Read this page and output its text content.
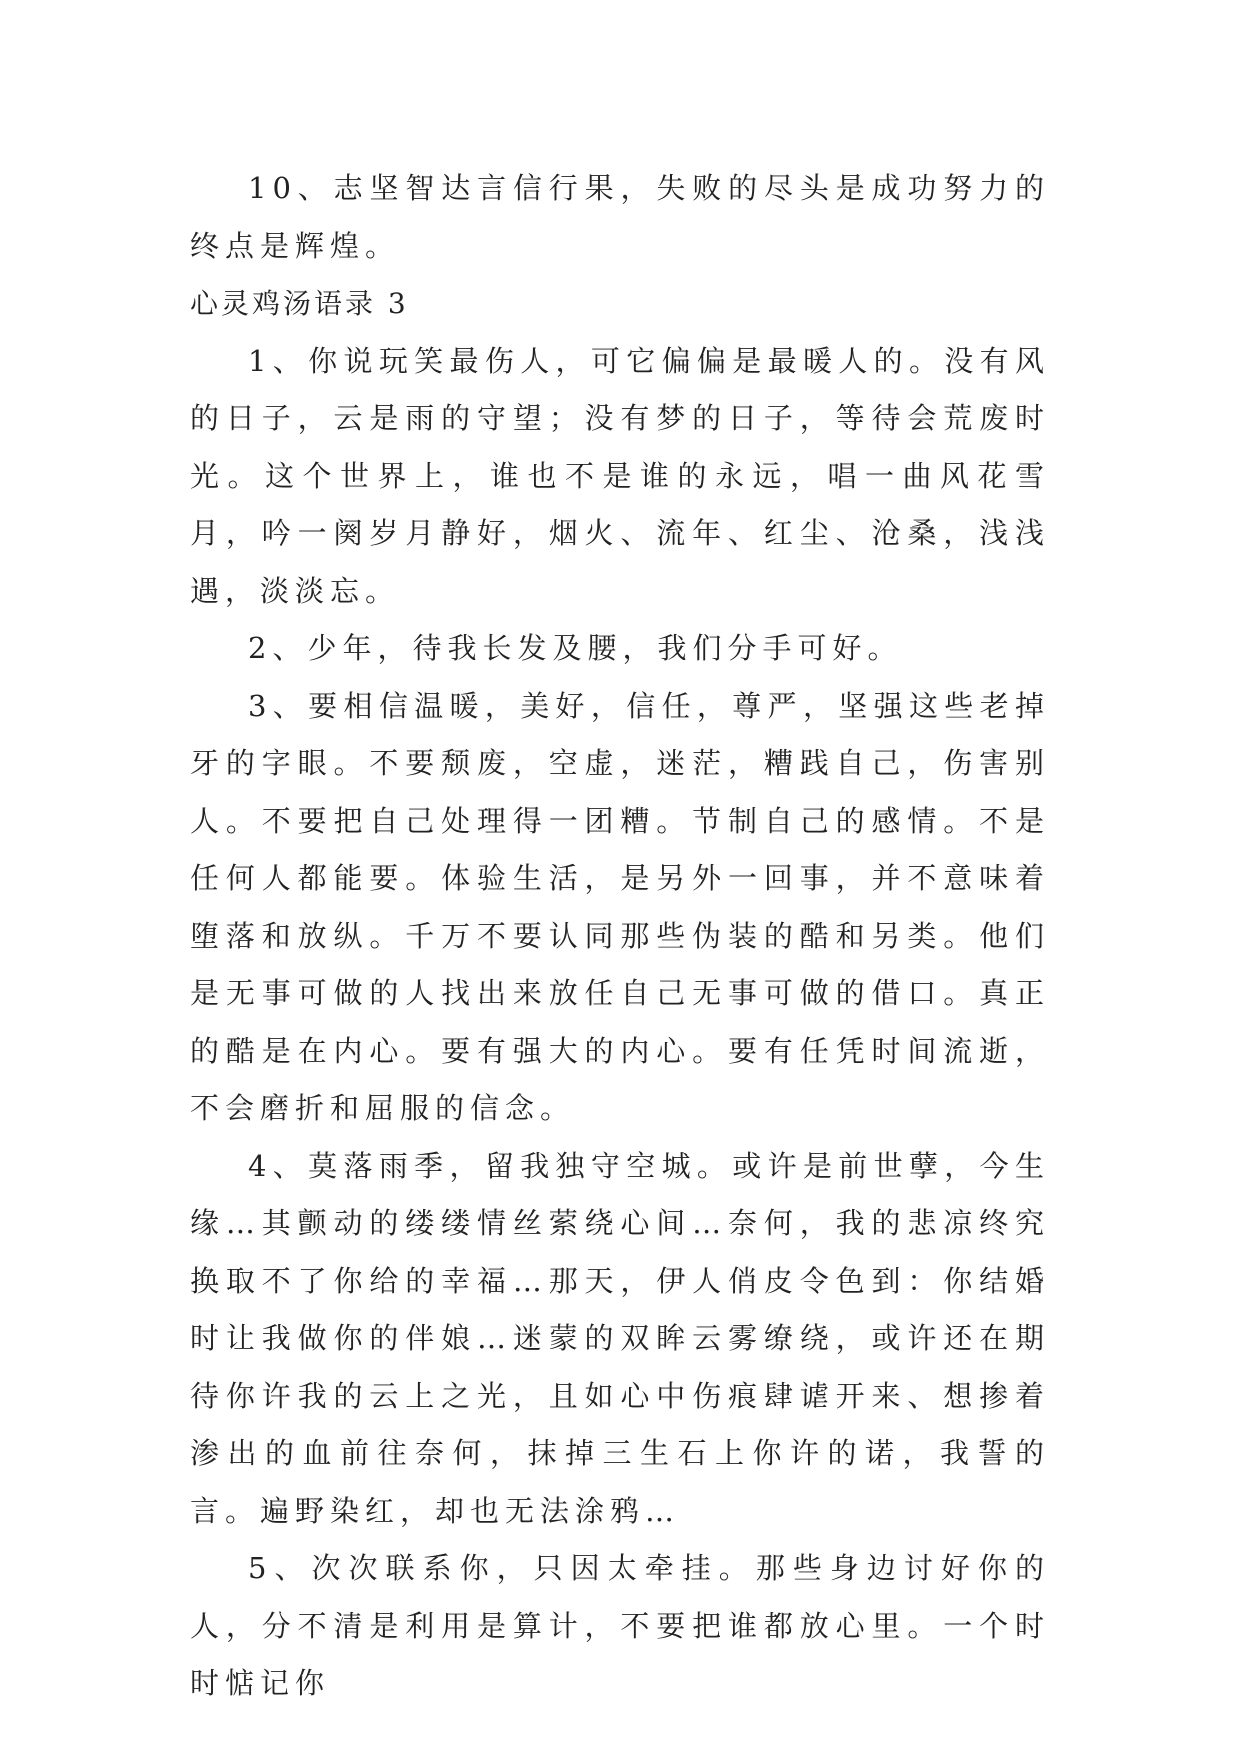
10、志坚智达言信行果，失败的尽头是成功努力的终点是辉煌。

心灵鸡汤语录 3

1、你说玩笑最伤人，可它偏偏是最暖人的。没有风的日子，云是雨的守望；没有梦的日子，等待会荒废时光。这个世界上，谁也不是谁的永远，唱一曲风花雪月，吟一阕岁月静好，烟火、流年、红尘、沧桑，浅浅遇，淡淡忘。

2、少年，待我长发及腰，我们分手可好。

3、要相信温暖，美好，信任，尊严，坚强这些老掉牙的字眼。不要颓废，空虚，迷茫，糟践自己，伤害别人。不要把自己处理得一团糟。节制自己的感情。不是任何人都能要。体验生活，是另外一回事，并不意味着堕落和放纵。千万不要认同那些伪装的酷和另类。他们是无事可做的人找出来放任自己无事可做的借口。真正的酷是在内心。要有强大的内心。要有任凭时间流逝，不会磨折和屈服的信念。

4、莫落雨季，留我独守空城。或许是前世孽，今生缘…其颤动的缕缕情丝萦绕心间…奈何，我的悲凉终究换取不了你给的幸福…那天，伊人俏皮令色到：你结婚时让我做你的伴娘…迷蒙的双眸云雾缭绕，或许还在期待你许我的云上之光，且如心中伤痕肆谑开来、想掺着渗出的血前往奈何，抹掉三生石上你许的诺，我誓的言。遍野染红，却也无法涂鸦…

5、次次联系你，只因太牵挂。那些身边讨好你的人，分不清是利用是算计，不要把谁都放心里。一个时时惦记你
